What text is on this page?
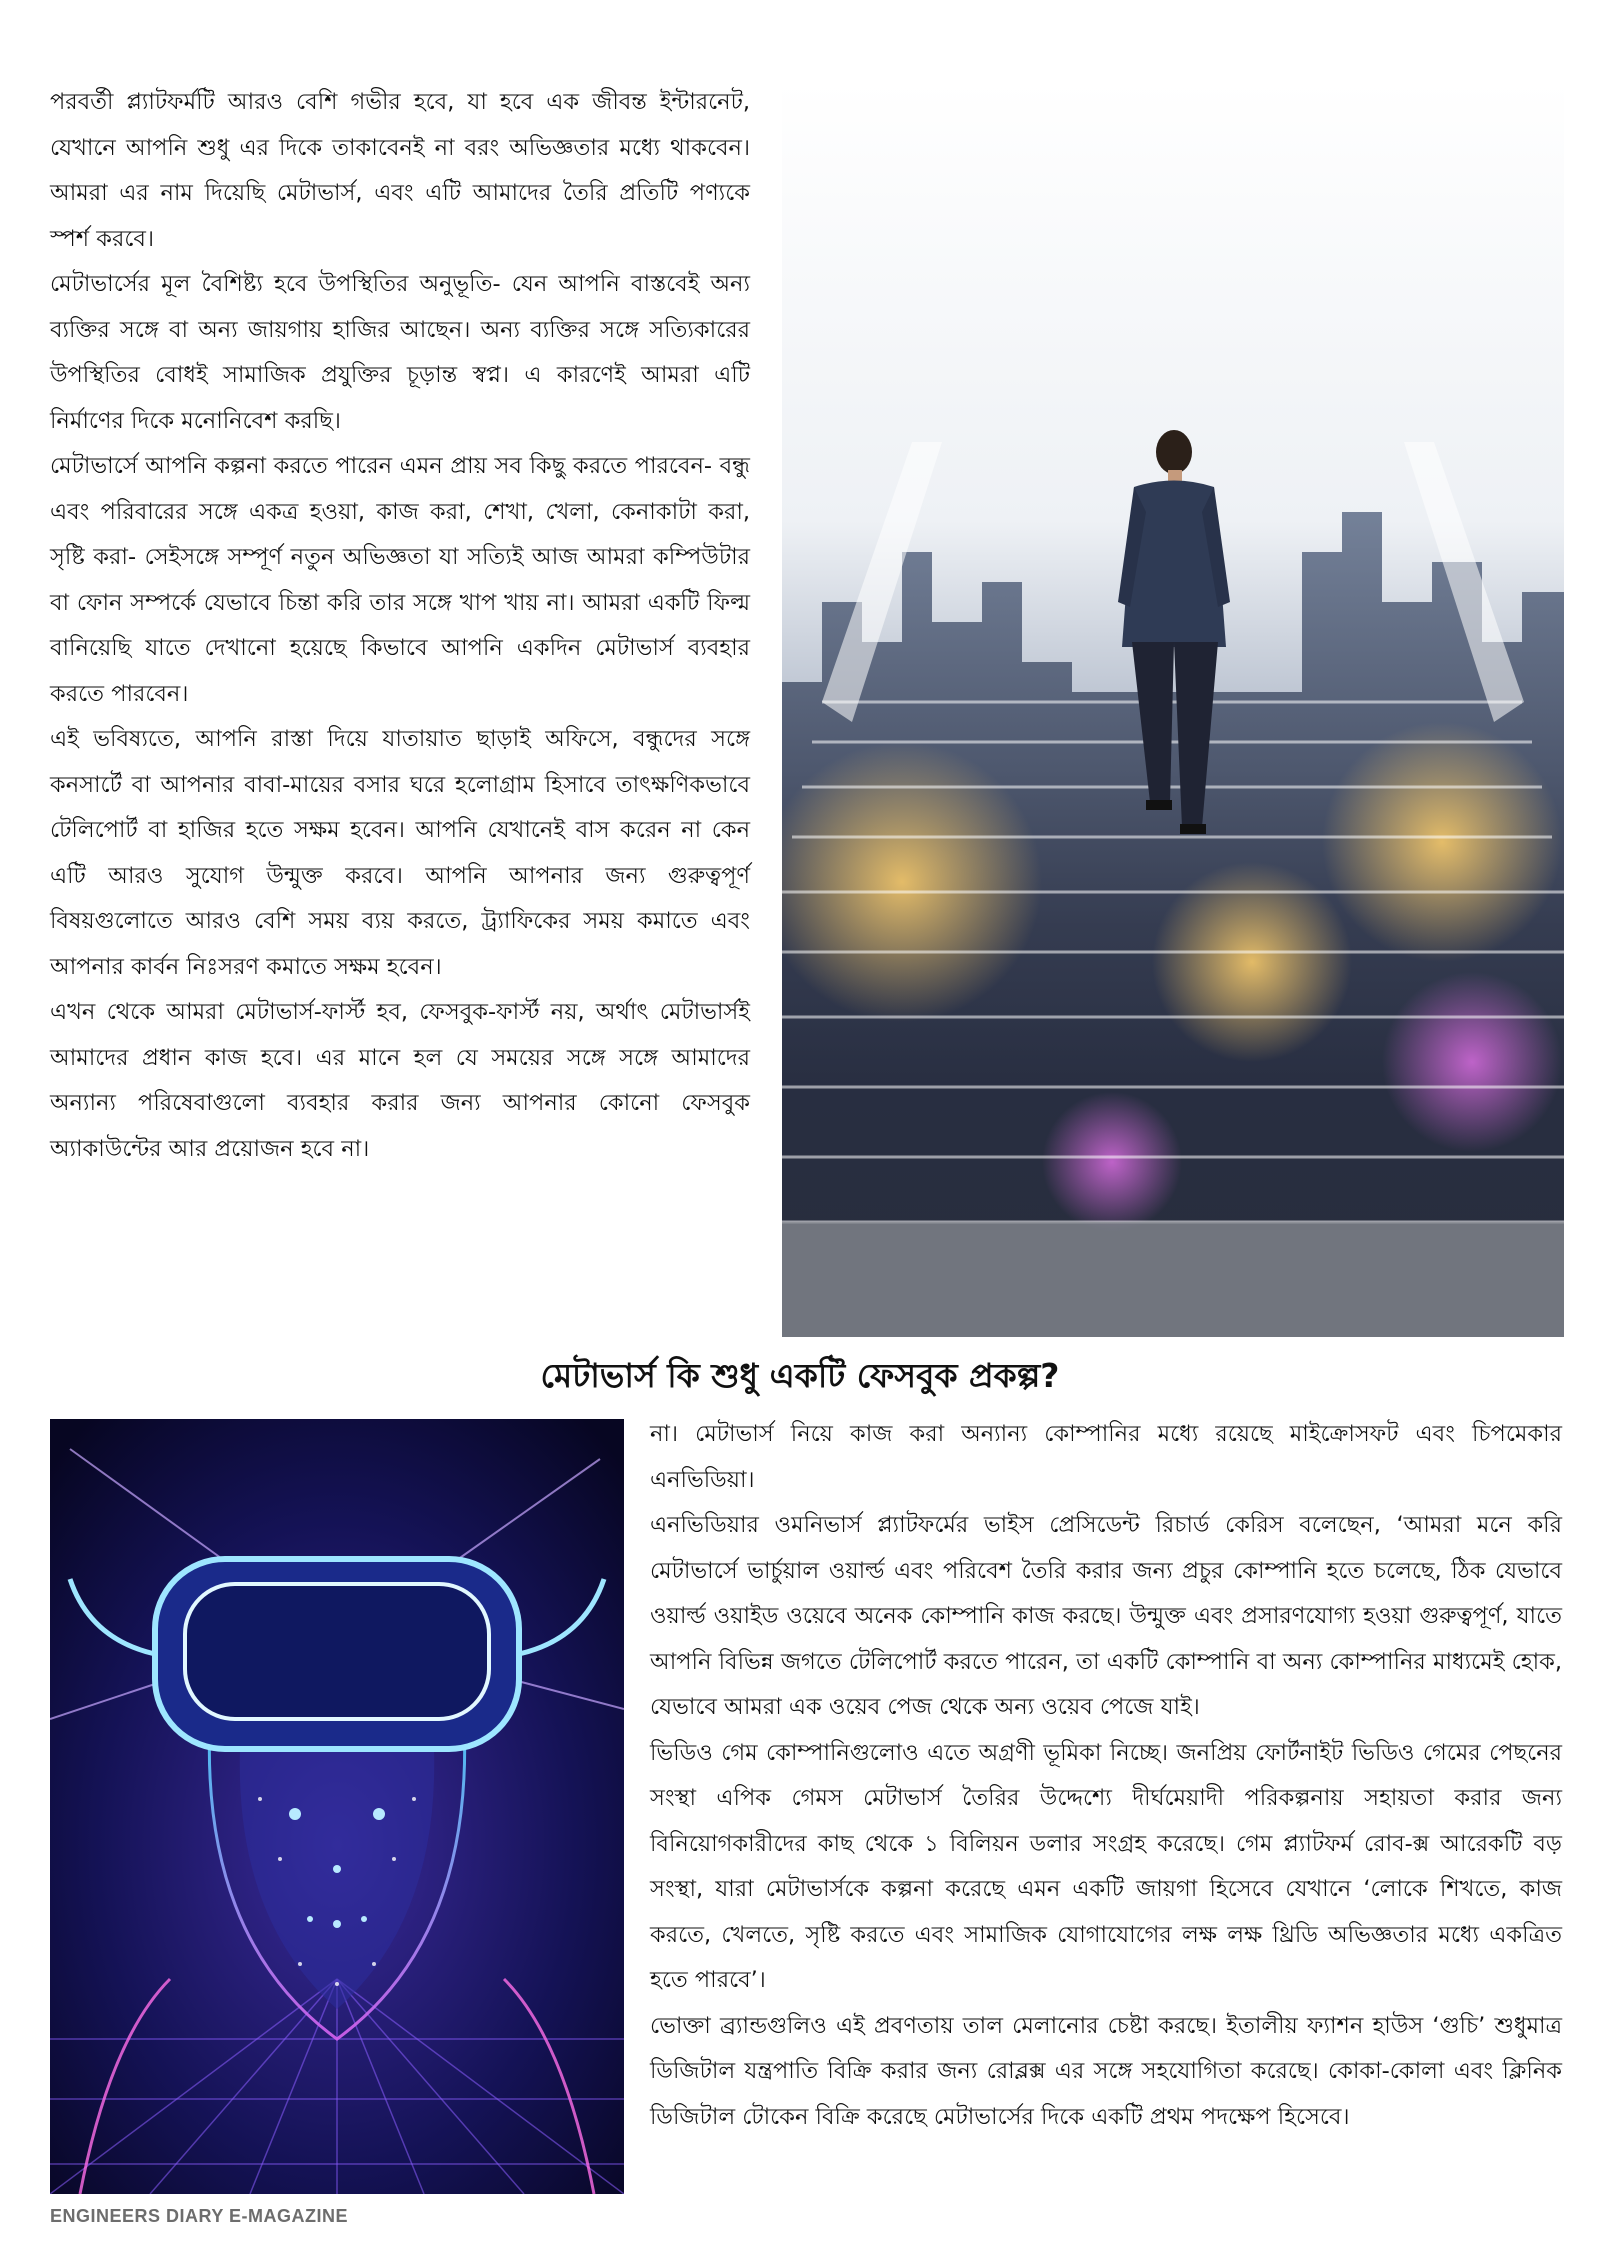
পরবর্তী প্ল্যাটফর্মটি আরও বেশি গভীর হবে, যা হবে এক জীবন্ত ইন্টারনেট, যেখানে আপনি শুধু এর দিকে তাকাবেনই না বরং অভিজ্ঞতার মধ্যে থাকবেন। আমরা এর নাম দিয়েছি মেটাভার্স, এবং এটি আমাদের তৈরি প্রতিটি পণ্যকে স্পর্শ করবে।

মেটাভার্সের মূল বৈশিষ্ট্য হবে উপস্থিতির অনুভূতি- যেন আপনি বাস্তবেই অন্য ব্যক্তির সঙ্গে বা অন্য জায়গায় হাজির আছেন। অন্য ব্যক্তির সঙ্গে সত্যিকারের উপস্থিতির বোধই সামাজিক প্রযুক্তির চূড়ান্ত স্বপ্ন। এ কারণেই আমরা এটি নির্মাণের দিকে মনোনিবেশ করছি।

মেটাভার্সে আপনি কল্পনা করতে পারেন এমন প্রায় সব কিছু করতে পারবেন- বন্ধু এবং পরিবারের সঙ্গে একত্র হওয়া, কাজ করা, শেখা, খেলা, কেনাকাটা করা, সৃষ্টি করা- সেইসঙ্গে সম্পূর্ণ নতুন অভিজ্ঞতা যা সত্যিই আজ আমরা কম্পিউটার বা ফোন সম্পর্কে যেভাবে চিন্তা করি তার সঙ্গে খাপ খায় না। আমরা একটি ফিল্ম বানিয়েছি যাতে দেখানো হয়েছে কিভাবে আপনি একদিন মেটাভার্স ব্যবহার করতে পারবেন।

এই ভবিষ্যতে, আপনি রাস্তা দিয়ে যাতায়াত ছাড়াই অফিসে, বন্ধুদের সঙ্গে কনসার্টে বা আপনার বাবা-মায়ের বসার ঘরে হলোগ্রাম হিসাবে তাৎক্ষণিকভাবে টেলিপোর্ট বা হাজির হতে সক্ষম হবেন। আপনি যেখানেই বাস করেন না কেন এটি আরও সুযোগ উন্মুক্ত করবে। আপনি আপনার জন্য গুরুত্বপূর্ণ বিষয়গুলোতে আরও বেশি সময় ব্যয় করতে, ট্র্যাফিকের সময় কমাতে এবং আপনার কার্বন নিঃসরণ কমাতে সক্ষম হবেন।

এখন থেকে আমরা মেটাভার্স-ফার্স্ট হব, ফেসবুক-ফার্স্ট নয়, অর্থাৎ মেটাভার্সই আমাদের প্রধান কাজ হবে। এর মানে হল যে সময়ের সঙ্গে সঙ্গে আমাদের অন্যান্য পরিষেবাগুলো ব্যবহার করার জন্য আপনার কোনো ফেসবুক অ্যাকাউন্টের আর প্রয়োজন হবে না।

মেটাভার্স কি শুধু একটি ফেসবুক প্রকল্প?

না। মেটাভার্স নিয়ে কাজ করা অন্যান্য কোম্পানির মধ্যে রয়েছে মাইক্রোসফট এবং চিপমেকার এনভিডিয়া।

এনভিডিয়ার ওমনিভার্স প্ল্যাটফর্মের ভাইস প্রেসিডেন্ট রিচার্ড কেরিস বলেছেন, ‘আমরা মনে করি মেটাভার্সে ভার্চুয়াল ওয়ার্ল্ড এবং পরিবেশ তৈরি করার জন্য প্রচুর কোম্পানি হতে চলেছে, ঠিক যেভাবে ওয়ার্ল্ড ওয়াইড ওয়েবে অনেক কোম্পানি কাজ করছে। উন্মুক্ত এবং প্রসারণযোগ্য হওয়া গুরুত্বপূর্ণ, যাতে আপনি বিভিন্ন জগতে টেলিপোর্ট করতে পারেন, তা একটি কোম্পানি বা অন্য কোম্পানির মাধ্যমেই হোক, যেভাবে আমরা এক ওয়েব পেজ থেকে অন্য ওয়েব পেজে যাই।

ভিডিও গেম কোম্পানিগুলোও এতে অগ্রণী ভূমিকা নিচ্ছে। জনপ্রিয় ফোর্টনাইট ভিডিও গেমের পেছনের সংস্থা এপিক গেমস মেটাভার্স তৈরির উদ্দেশ্যে দীর্ঘমেয়াদী পরিকল্পনায় সহায়তা করার জন্য বিনিয়োগকারীদের কাছ থেকে ১ বিলিয়ন ডলার সংগ্রহ করেছে। গেম প্ল্যাটফর্ম রোব-ক্স আরেকটি বড় সংস্থা, যারা মেটাভার্সকে কল্পনা করেছে এমন একটি জায়গা হিসেবে যেখানে ‘লোকে শিখতে, কাজ করতে, খেলতে, সৃষ্টি করতে এবং সামাজিক যোগাযোগের লক্ষ লক্ষ থ্রিডি অভিজ্ঞতার মধ্যে একত্রিত হতে পারবে’।

ভোক্তা ব্র্যান্ডগুলিও এই প্রবণতায় তাল মেলানোর চেষ্টা করছে। ইতালীয় ফ্যাশন হাউস ‘গুচি’ শুধুমাত্র ডিজিটাল যন্ত্রপাতি বিক্রি করার জন্য রোব্লক্স এর সঙ্গে সহযোগিতা করেছে। কোকা-কোলা এবং ক্লিনিক ডিজিটাল টোকেন বিক্রি করেছে মেটাভার্সের দিকে একটি প্রথম পদক্ষেপ হিসেবে।

ENGINEERS DIARY E-MAGAZINE
